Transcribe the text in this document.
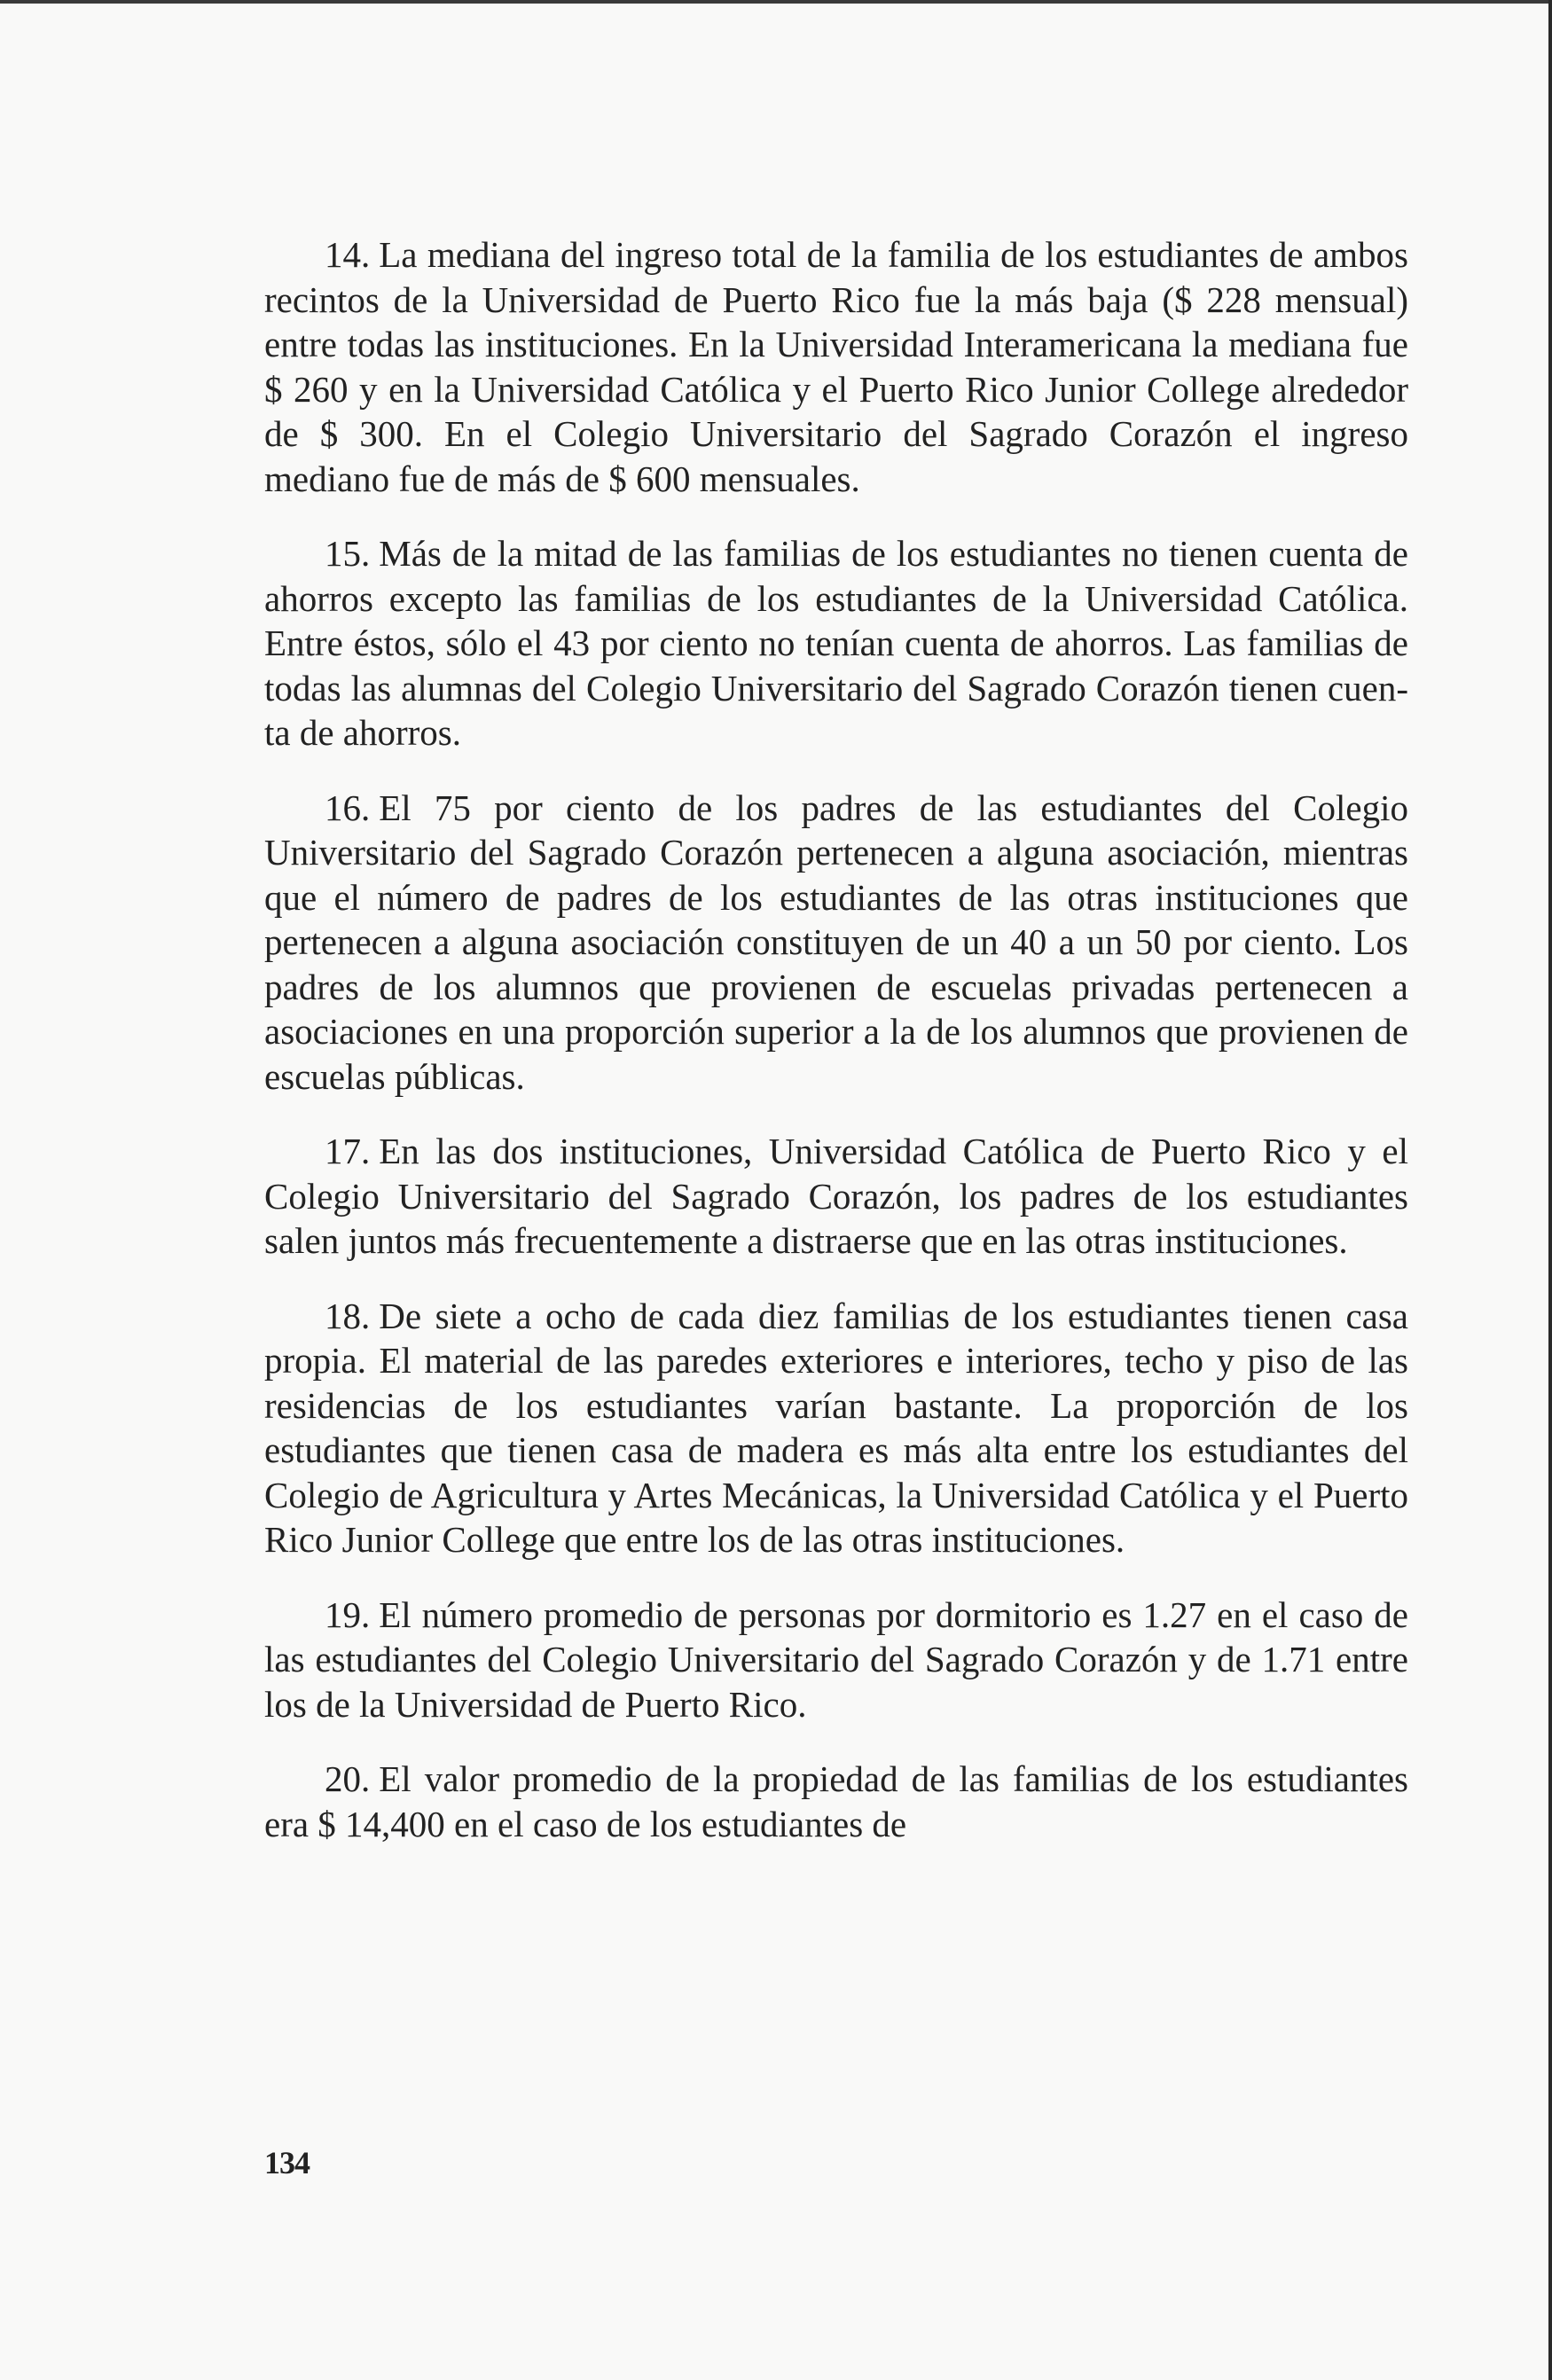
14. La mediana del ingreso total de la familia de los estudiantes de ambos recintos de la Universidad de Puerto Rico fue la más baja ($ 228 mensual) entre todas las instituciones. En la Universidad Interamericana la mediana fue $ 260 y en la Universidad Católica y el Puerto Rico Junior College alrededor de $ 300. En el Colegio Universitario del Sagrado Corazón el ingreso mediano fue de más de $ 600 mensuales.

15. Más de la mitad de las familias de los estudiantes no tienen cuenta de ahorros excepto las familias de los estudiantes de la Universidad Católica. Entre éstos, sólo el 43 por ciento no tenían cuenta de ahorros. Las familias de todas las alumnas del Colegio Universitario del Sagrado Corazón tienen cuenta de ahorros.

16. El 75 por ciento de los padres de las estudiantes del Colegio Universitario del Sagrado Corazón pertenecen a alguna asociación, mientras que el número de padres de los estudiantes de las otras instituciones que pertenecen a alguna asociación constituyen de un 40 a un 50 por ciento. Los padres de los alumnos que provienen de escuelas privadas pertenecen a asociaciones en una proporción superior a la de los alumnos que provienen de escuelas públicas.

17. En las dos instituciones, Universidad Católica de Puerto Rico y el Colegio Universitario del Sagrado Corazón, los padres de los estudiantes salen juntos más frecuentemente a distraerse que en las otras instituciones.

18. De siete a ocho de cada diez familias de los estudiantes tienen casa propia. El material de las paredes exteriores e interiores, techo y piso de las residencias de los estudiantes varían bastante. La proporción de los estudiantes que tienen casa de madera es más alta entre los estudiantes del Colegio de Agricultura y Artes Mecánicas, la Universidad Católica y el Puerto Rico Junior College que entre los de las otras instituciones.

19. El número promedio de personas por dormitorio es 1.27 en el caso de las estudiantes del Colegio Universitario del Sagrado Corazón y de 1.71 entre los de la Universidad de Puerto Rico.

20. El valor promedio de la propiedad de las familias de los estudiantes era $ 14,400 en el caso de los estudiantes de

134
